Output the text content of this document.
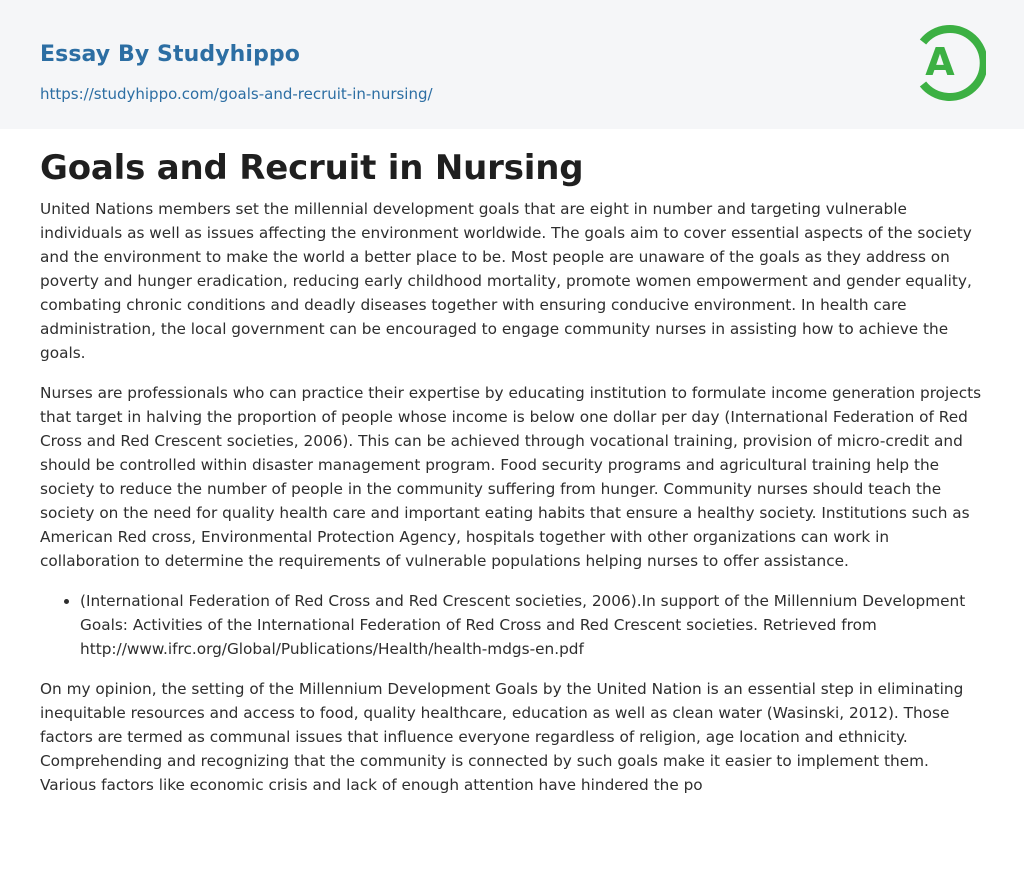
Essay By Studyhippo
https://studyhippo.com/goals-and-recruit-in-nursing/
A
Goals and Recruit in Nursing

United Nations members set the millennial development goals that are eight in number and targeting vulnerable individuals as well as issues affecting the environment worldwide. The goals aim to cover essential aspects of the society and the environment to make the world a better place to be. Most people are unaware of the goals as they address on poverty and hunger eradication, reducing early childhood mortality, promote women empowerment and gender equality, combating chronic conditions and deadly diseases together with ensuring conducive environment. In health care administration, the local government can be encouraged to engage community nurses in assisting how to achieve the goals.

Nurses are professionals who can practice their expertise by educating institution to formulate income generation projects that target in halving the proportion of people whose income is below one dollar per day (International Federation of Red Cross and Red Crescent societies, 2006). This can be achieved through vocational training, provision of micro-credit and should be controlled within disaster management program. Food security programs and agricultural training help the society to reduce the number of people in the community suffering from hunger. Community nurses should teach the society on the need for quality health care and important eating habits that ensure a healthy society. Institutions such as American Red cross, Environmental Protection Agency, hospitals together with other organizations can work in collaboration to determine the requirements of vulnerable populations helping nurses to offer assistance.

• (International Federation of Red Cross and Red Crescent societies, 2006).In support of the Millennium Development Goals: Activities of the International Federation of Red Cross and Red Crescent societies. Retrieved from http://www.ifrc.org/Global/Publications/Health/health-mdgs-en.pdf

On my opinion, the setting of the Millennium Development Goals by the United Nation is an essential step in eliminating inequitable resources and access to food, quality healthcare, education as well as clean water (Wasinski, 2012). Those factors are termed as communal issues that influence everyone regardless of religion, age location and ethnicity. Comprehending and recognizing that the community is connected by such goals make it easier to implement them. Various factors like economic crisis and lack of enough attention have hindered the po
